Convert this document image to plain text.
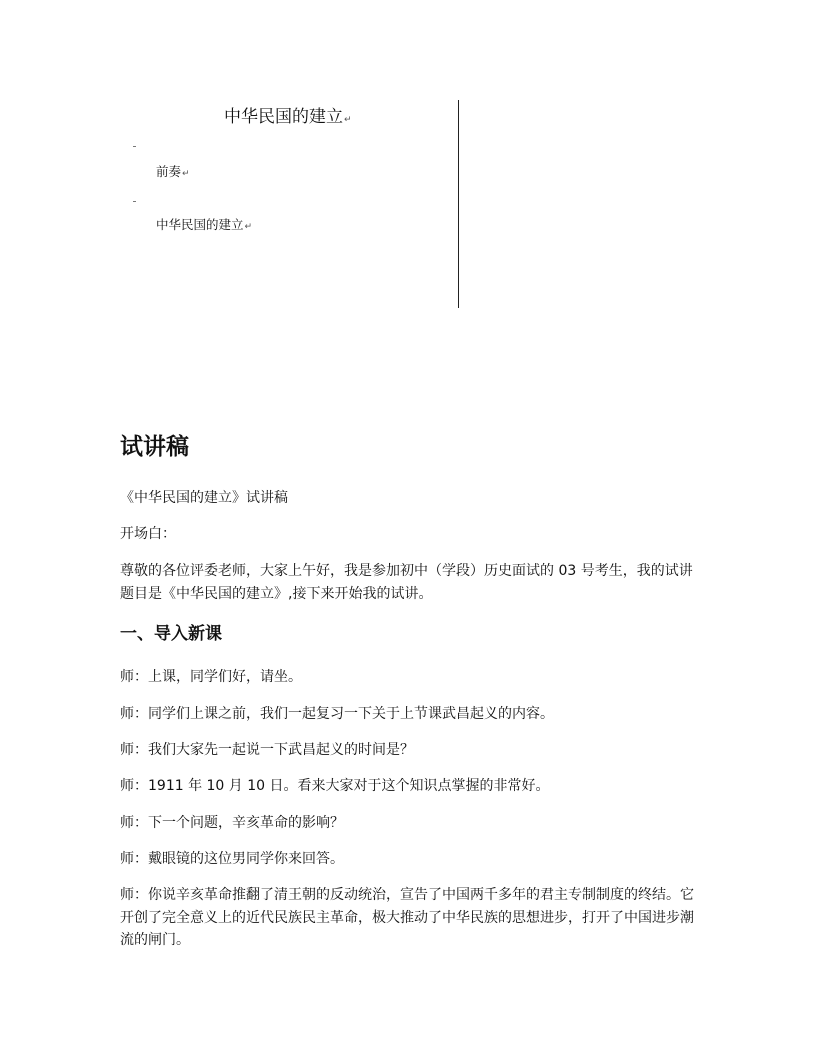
中华民国的建立↵
前奏↵
中华民国的建立↵
试讲稿

《中华民国的建立》试讲稿

开场白：

尊敬的各位评委老师，大家上午好，我是参加初中（学段）历史面试的 03 号考生，我的试讲题目是《中华民国的建立》,接下来开始我的试讲。

一、导入新课

师：上课，同学们好，请坐。

师：同学们上课之前，我们一起复习一下关于上节课武昌起义的内容。

师：我们大家先一起说一下武昌起义的时间是？

师：1911 年 10 月 10 日。看来大家对于这个知识点掌握的非常好。

师：下一个问题，辛亥革命的影响？

师：戴眼镜的这位男同学你来回答。

师：你说辛亥革命推翻了清王朝的反动统治，宣告了中国两千多年的君主专制制度的终结。它开创了完全意义上的近代民族民主革命，极大推动了中华民族的思想进步，打开了中国进步潮流的闸门。
